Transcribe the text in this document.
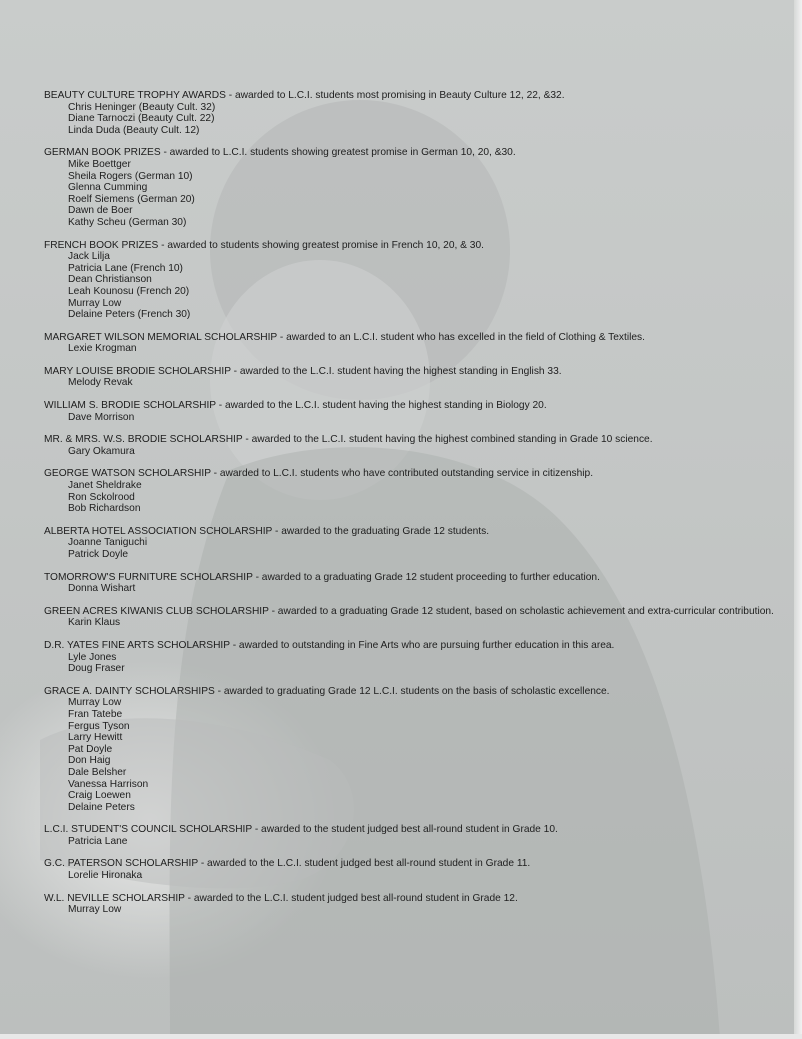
BEAUTY CULTURE TROPHY AWARDS - awarded to L.C.I. students most promising in Beauty Culture 12, 22, &32.

Chris Heninger (Beauty Cult. 32)
Diane Tarnoczi (Beauty Cult. 22)
Linda Duda (Beauty Cult. 12)

GERMAN BOOK PRIZES - awarded to L.C.I. students showing greatest promise in German 10, 20, &30.

Mike Boettger
Sheila Rogers (German 10)
Glenna Cumming
Roelf Siemens (German 20)
Dawn de Boer
Kathy Scheu (German 30)

FRENCH BOOK PRIZES - awarded to students showing greatest promise in French 10, 20, & 30.

Jack Lilja
Patricia Lane (French 10)
Dean Christianson
Leah Kounosu (French 20)
Murray Low
Delaine Peters (French 30)

MARGARET WILSON MEMORIAL SCHOLARSHIP - awarded to an L.C.I. student who has excelled in the field of Clothing & Textiles.

Lexie Krogman

MARY LOUISE BRODIE SCHOLARSHIP - awarded to the L.C.I. student having the highest standing in English 33.

Melody Revak

WILLIAM S. BRODIE SCHOLARSHIP - awarded to the L.C.I. student having the highest standing in Biology 20.

Dave Morrison

MR. & MRS. W.S. BRODIE SCHOLARSHIP - awarded to the L.C.I. student having the highest combined standing in Grade 10 science.

Gary Okamura

GEORGE WATSON SCHOLARSHIP - awarded to L.C.I. students who have contributed outstanding service in citizenship.

Janet Sheldrake
Ron Sckolrood
Bob Richardson

ALBERTA HOTEL ASSOCIATION SCHOLARSHIP - awarded to the graduating Grade 12 students.

Joanne Taniguchi
Patrick Doyle

TOMORROW'S FURNITURE SCHOLARSHIP - awarded to a graduating Grade 12 student proceeding to further education.

Donna Wishart

GREEN ACRES KIWANIS CLUB SCHOLARSHIP - awarded to a graduating Grade 12 student, based on scholastic achievement and extra-curricular contribution.

Karin Klaus

D.R. YATES FINE ARTS SCHOLARSHIP - awarded to outstanding in Fine Arts who are pursuing further education in this area.

Lyle Jones
Doug Fraser

GRACE A. DAINTY SCHOLARSHIPS - awarded to graduating Grade 12 L.C.I. students on the basis of scholastic excellence.

Murray Low
Fran Tatebe
Fergus Tyson
Larry Hewitt
Pat Doyle
Don Haig
Dale Belsher
Vanessa Harrison
Craig Loewen
Delaine Peters

L.C.I. STUDENT'S COUNCIL SCHOLARSHIP - awarded to the student judged best all-round student in Grade 10.

Patricia Lane

G.C. PATERSON SCHOLARSHIP - awarded to the L.C.I. student judged best all-round student in Grade 11.

Lorelie Hironaka

W.L. NEVILLE SCHOLARSHIP - awarded to the L.C.I. student judged best all-round student in Grade 12.

Murray Low
